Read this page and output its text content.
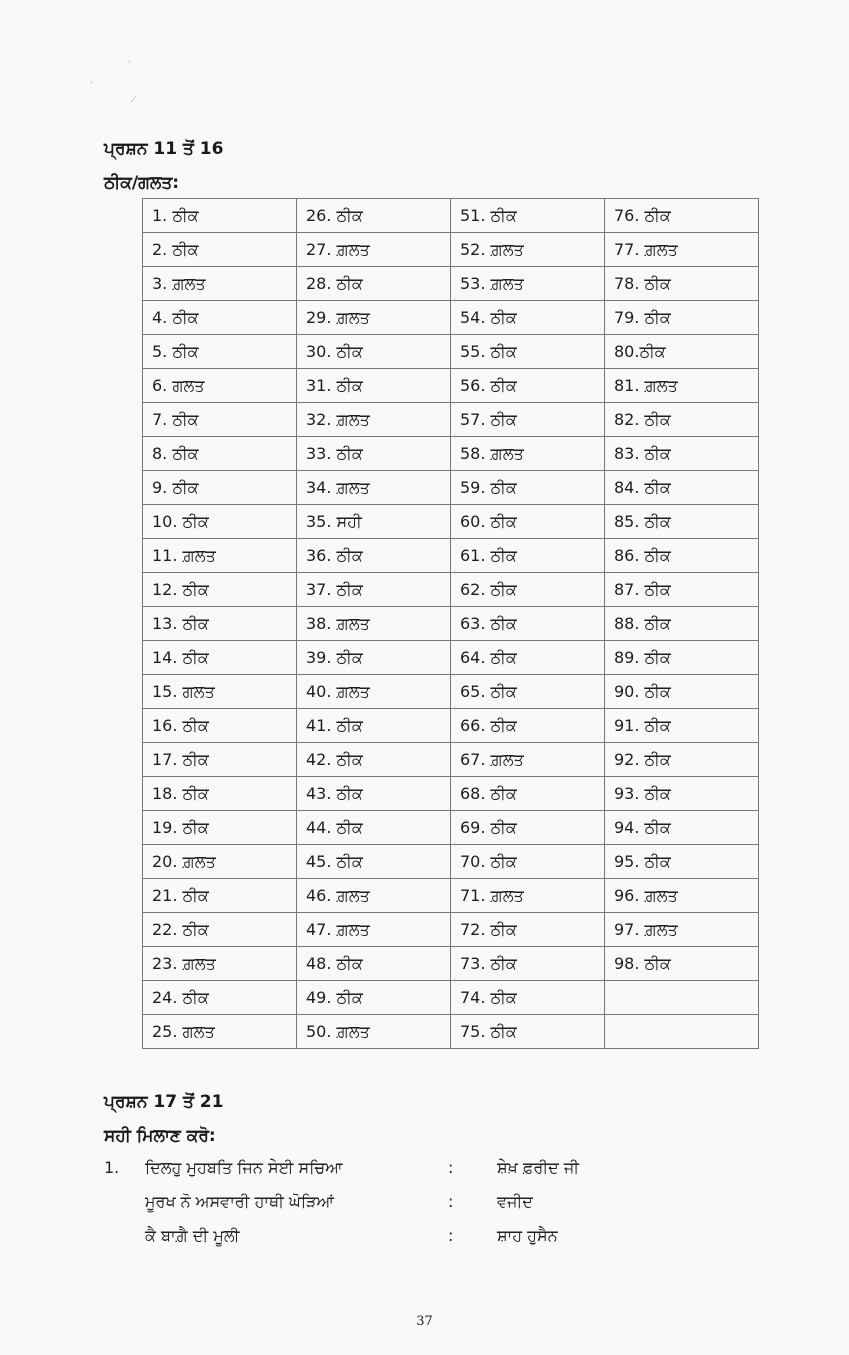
,
'
.⁄
ਪ੍ਰਸ਼ਨ 11 ਤੋਂ 16
ਠੀਕ/ਗਲਤ:
1. ਠੀਕ	26. ਠੀਕ	51. ਠੀਕ	76. ਠੀਕ
2. ਠੀਕ	27. ਗ਼ਲਤ	52. ਗ਼ਲਤ	77. ਗ਼ਲਤ
3. ਗ਼ਲਤ	28. ਠੀਕ	53. ਗ਼ਲਤ	78. ਠੀਕ
4. ਠੀਕ	29. ਗ਼ਲਤ	54. ਠੀਕ	79. ਠੀਕ
5. ਠੀਕ	30. ਠੀਕ	55. ਠੀਕ	80.ਠੀਕ
6. ਗਲਤ	31. ਠੀਕ	56. ਠੀਕ	81. ਗ਼ਲਤ
7. ਠੀਕ	32. ਗ਼ਲਤ	57. ਠੀਕ	82. ਠੀਕ
8. ਠੀਕ	33. ਠੀਕ	58. ਗ਼ਲਤ	83. ਠੀਕ
9. ਠੀਕ	34. ਗ਼ਲਤ	59. ਠੀਕ	84. ਠੀਕ
10. ਠੀਕ	35. ਸਹੀ	60. ਠੀਕ	85. ਠੀਕ
11. ਗ਼ਲਤ	36. ਠੀਕ	61. ਠੀਕ	86. ਠੀਕ
12. ਠੀਕ	37. ਠੀਕ	62. ਠੀਕ	87. ਠੀਕ
13. ਠੀਕ	38. ਗ਼ਲਤ	63. ਠੀਕ	88. ਠੀਕ
14. ਠੀਕ	39. ਠੀਕ	64. ਠੀਕ	89. ਠੀਕ
15. ਗਲਤ	40. ਗ਼ਲਤ	65. ਠੀਕ	90. ਠੀਕ
16. ਠੀਕ	41. ਠੀਕ	66. ਠੀਕ	91. ਠੀਕ
17. ਠੀਕ	42. ਠੀਕ	67. ਗ਼ਲਤ	92. ਠੀਕ
18. ਠੀਕ	43. ਠੀਕ	68. ਠੀਕ	93. ਠੀਕ
19. ਠੀਕ	44. ਠੀਕ	69. ਠੀਕ	94. ਠੀਕ
20. ਗ਼ਲਤ	45. ਠੀਕ	70. ਠੀਕ	95. ਠੀਕ
21. ਠੀਕ	46. ਗ਼ਲਤ	71. ਗ਼ਲਤ	96. ਗ਼ਲਤ
22. ਠੀਕ	47. ਗ਼ਲਤ	72. ਠੀਕ	97. ਗ਼ਲਤ
23. ਗ਼ਲਤ	48. ਠੀਕ	73. ਠੀਕ	98. ਠੀਕ
24. ਠੀਕ	49. ਠੀਕ	74. ਠੀਕ	
25. ਗਲਤ	50. ਗ਼ਲਤ	75. ਠੀਕ	
ਪ੍ਰਸ਼ਨ 17 ਤੋਂ 21
ਸਹੀ ਮਿਲਾਣ ਕਰੋ:
1. ਦਿਲਹੁ ਮੁਹਬਤਿ ਜਿਨ ਸੇਈ ਸਚਿਆ	:	ਸ਼ੇਖ਼ ਫ਼ਰੀਦ ਜੀ
ਮੂਰਖ ਨੋ ਅਸਵਾਰੀ ਹਾਥੀ ਘੋੜਿਆਂ	:	ਵਜੀਦ
ਕੈ ਬਾਗ਼ੈ ਦੀ ਮੂਲੀ	:	ਸ਼ਾਹ ਹੁਸੈਨ
37
